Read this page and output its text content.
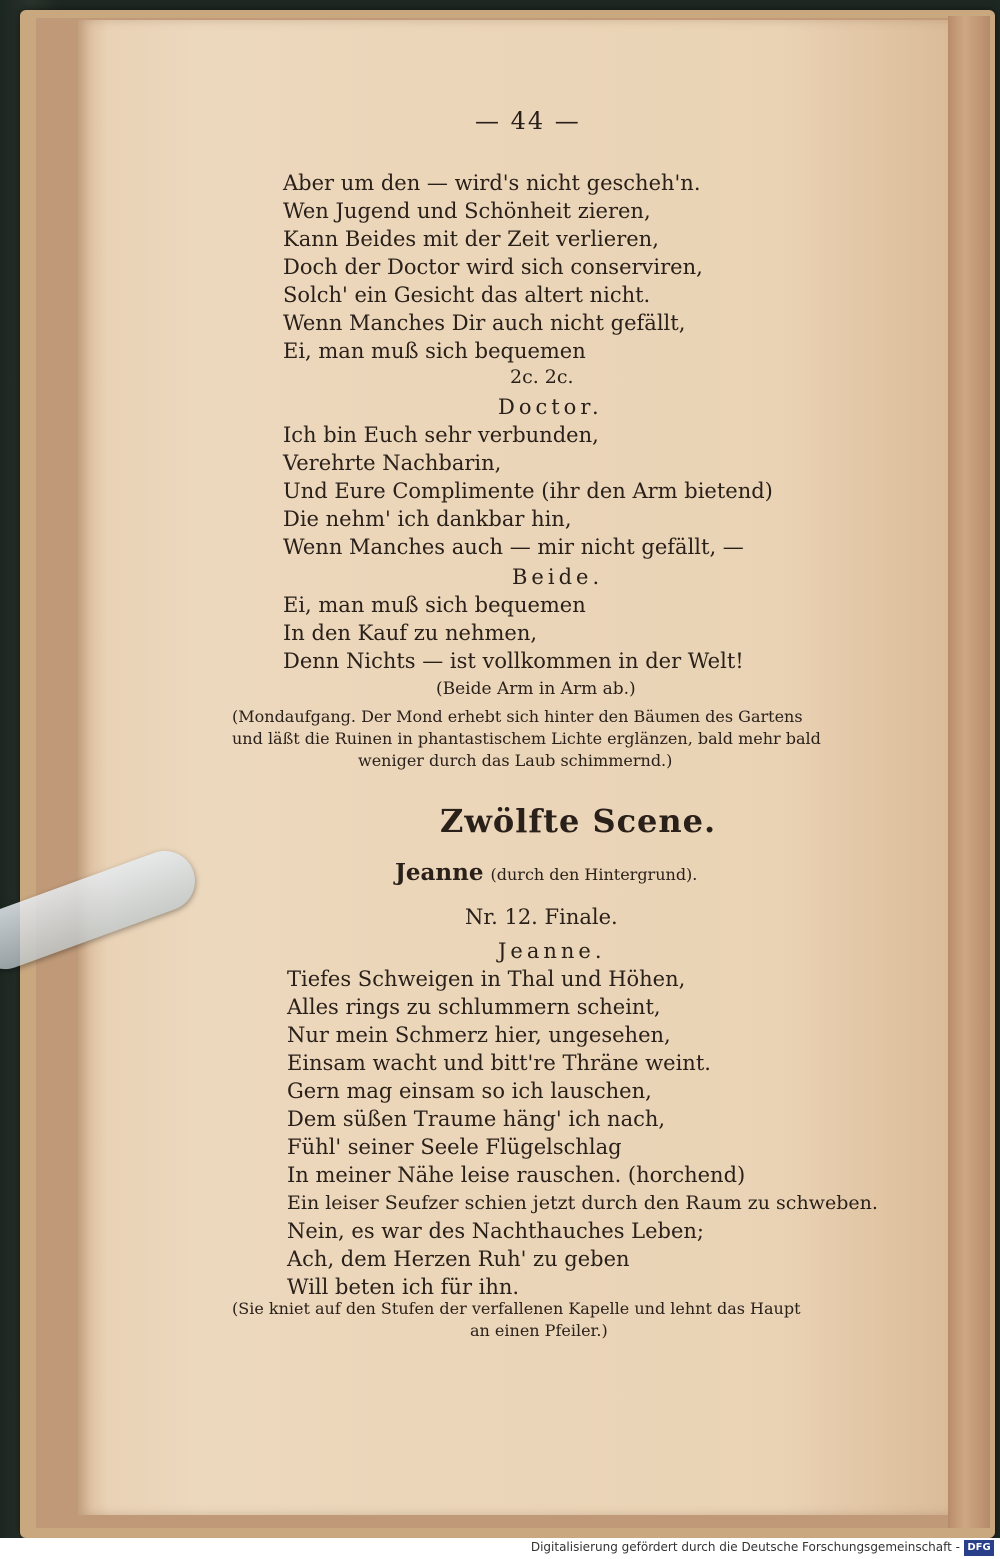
— 44 —
Aber um den — wird's nicht gescheh'n.
Wen Jugend und Schönheit zieren,
Kann Beides mit der Zeit verlieren,
Doch der Doctor wird sich conserviren,
Solch' ein Gesicht das altert nicht.
Wenn Manches Dir auch nicht gefällt,
Ei, man muß sich bequemen
2c. 2c.
Doctor.
Ich bin Euch sehr verbunden,
Verehrte Nachbarin,
Und Eure Complimente (ihr den Arm bietend)
Die nehm' ich dankbar hin,
Wenn Manches auch — mir nicht gefällt, —
Beide.
Ei, man muß sich bequemen
In den Kauf zu nehmen,
Denn Nichts — ist vollkommen in der Welt!
(Beide Arm in Arm ab.)
(Mondaufgang. Der Mond erhebt sich hinter den Bäumen des Gartens
und läßt die Ruinen in phantastischem Lichte erglänzen, bald mehr bald
weniger durch das Laub schimmernd.)
Zwölfte Scene.
Jeanne (durch den Hintergrund).
Nr. 12. Finale.
Jeanne.
Tiefes Schweigen in Thal und Höhen,
Alles rings zu schlummern scheint,
Nur mein Schmerz hier, ungesehen,
Einsam wacht und bitt're Thräne weint.
Gern mag einsam so ich lauschen,
Dem süßen Traume häng' ich nach,
Fühl' seiner Seele Flügelschlag
In meiner Nähe leise rauschen. (horchend)
Ein leiser Seufzer schien jetzt durch den Raum zu schweben.
Nein, es war des Nachthauches Leben;
Ach, dem Herzen Ruh' zu geben
Will beten ich für ihn.
(Sie kniet auf den Stufen der verfallenen Kapelle und lehnt das Haupt
an einen Pfeiler.)
Digitalisierung gefördert durch die Deutsche Forschungsgemeinschaft - DFG
